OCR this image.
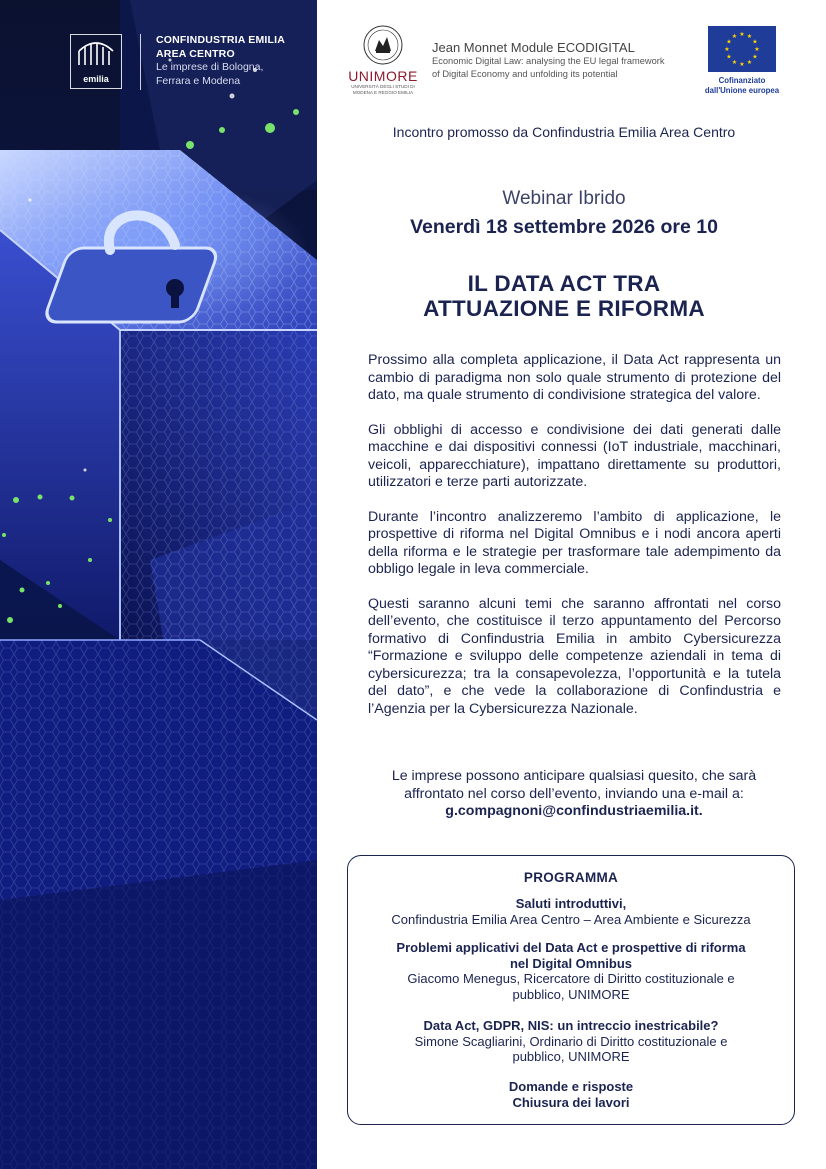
emilia
CONFINDUSTRIA EMILIA
AREA CENTRO
Le imprese di Bologna,
Ferrara e Modena	UNIMORE
UNIVERSITÀ DEGLI STUDI DI
MODENA E REGGIO EMILIA
Jean Monnet Module ECODIGITAL
Economic Digital Law: analysing the EU legal framework
of Digital Economy and unfolding its potential
★ ★
★
★
★
★
★
★
★
★
★
★
Cofinanziato
dall'Unione europea
Incontro promosso da Confindustria Emilia Area Centro
Webinar Ibrido
Venerdì 18 settembre 2026 ore 10
IL DATA ACT TRA
ATTUAZIONE E RIFORMA

Prossimo alla completa applicazione, il Data Act rappresenta un cambio di paradigma non solo quale strumento di protezione del dato, ma quale strumento di condivisione strategica del valore.

Gli obblighi di accesso e condivisione dei dati generati dalle macchine e dai dispositivi connessi (IoT industriale, macchinari, veicoli, apparecchiature), impattano direttamente su produttori, utilizzatori e terze parti autorizzate.

Durante l’incontro analizzeremo l’ambito di applicazione, le prospettive di riforma nel Digital Omnibus e i nodi ancora aperti della riforma e le strategie per trasformare tale adempimento da obbligo legale in leva commerciale.

Questi saranno alcuni temi che saranno affrontati nel corso dell’evento, che costituisce il terzo appuntamento del Percorso formativo di Confindustria Emilia in ambito Cybersicurezza “Formazione e sviluppo delle competenze aziendali in tema di cybersicurezza; tra la consapevolezza, l’opportunità e la tutela del dato”, e che vede la collaborazione di Confindustria e l’Agenzia per la Cybersicurezza Nazionale.

Le imprese possono anticipare qualsiasi quesito, che sarà
affrontato nel corso dell’evento, inviando una e-mail a:
g.compagnoni@confindustriaemilia.it.
PROGRAMMA
Saluti introduttivi,
Confindustria Emilia Area Centro – Area Ambiente e Sicurezza
Problemi applicativi del Data Act e prospettive di riforma
nel Digital Omnibus
Giacomo Menegus, Ricercatore di Diritto costituzionale e
pubblico, UNIMORE
Data Act, GDPR, NIS: un intreccio inestricabile?
Simone Scagliarini, Ordinario di Diritto costituzionale e
pubblico, UNIMORE
Domande e risposte
Chiusura dei lavori
